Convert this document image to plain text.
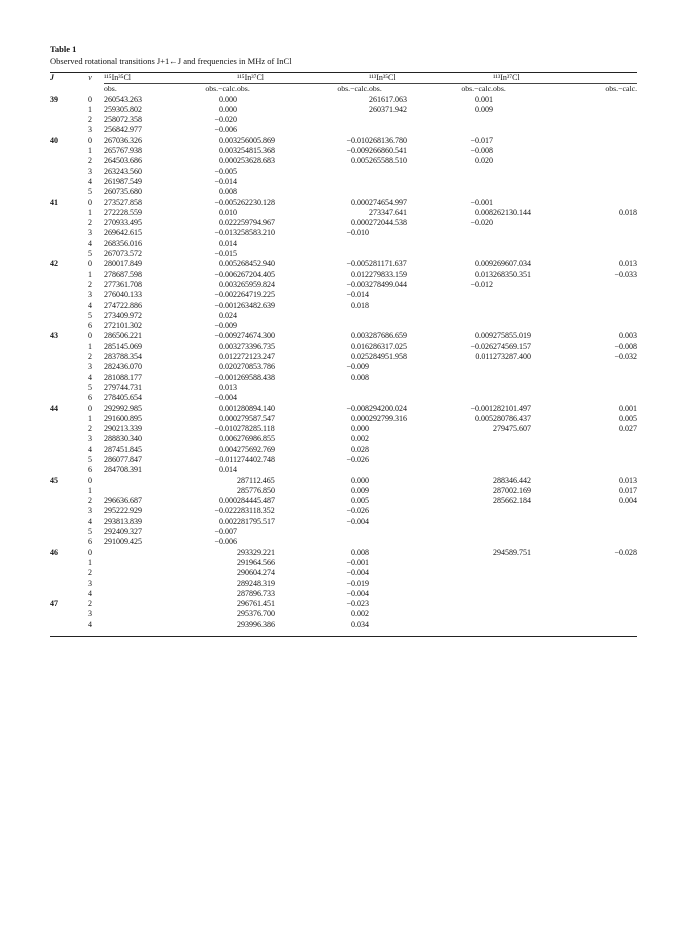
Table 1
Observed rotational transitions J+1←J and frequencies in MHz of InCl
J	v	¹¹⁵In³⁵Cl		¹¹⁵In³⁷Cl		¹¹³In³⁵Cl		¹¹³In³⁷Cl	
		obs.	obs.−calc.	obs.	obs.−calc.	obs.	obs.−calc.	obs.	obs.−calc.
39	0	260543.263	0.000			261617.063	0.001		
	1	259305.802	0.000			260371.942	0.009		
	2	258072.358	−0.020						
	3	256842.977	−0.006						
40	0	267036.326	0.003	256005.869	−0.010	268136.780	−0.017		
	1	265767.938	0.003	254815.368	−0.009	266860.541	−0.008		
	2	264503.686	0.000	253628.683	0.005	265588.510	0.020		
	3	263243.560	−0.005						
	4	261987.549	−0.014						
	5	260735.680	0.008						
41	0	273527.858	−0.005	262230.128	0.000	274654.997	−0.001		
	1	272228.559	0.010			273347.641	0.008	262130.144	0.018
	2	270933.495	0.022	259794.967	0.000	272044.538	−0.020		
	3	269642.615	−0.013	258583.210	−0.010				
	4	268356.016	0.014						
	5	267073.572	−0.015						
42	0	280017.849	0.005	268452.940	−0.005	281171.637	0.009	269607.034	0.013
	1	278687.598	−0.006	267204.405	0.012	279833.159	0.013	268350.351	−0.033
	2	277361.708	0.003	265959.824	−0.003	278499.044	−0.012		
	3	276040.133	−0.002	264719.225	−0.014				
	4	274722.886	−0.001	263482.639	0.018				
	5	273409.972	0.024						
	6	272101.302	−0.009						
43	0	286506.221	−0.009	274674.300	0.003	287686.659	0.009	275855.019	0.003
	1	285145.069	0.003	273396.735	0.016	286317.025	−0.026	274569.157	−0.008
	2	283788.354	0.012	272123.247	0.025	284951.958	0.011	273287.400	−0.032
	3	282436.070	0.020	270853.786	−0.009				
	4	281088.177	−0.001	269588.438	0.008				
	5	279744.731	0.013						
	6	278405.654	−0.004						
44	0	292992.985	0.001	280894.140	−0.008	294200.024	−0.001	282101.497	0.001
	1	291600.895	0.000	279587.547	0.000	292799.316	0.005	280786.437	0.005
	2	290213.339	−0.010	278285.118	0.000			279475.607	0.027
	3	288830.340	0.006	276986.855	0.002				
	4	287451.845	0.004	275692.769	0.028				
	5	286077.847	−0.011	274402.748	−0.026				
	6	284708.391	0.014						
45	0			287112.465	0.000			288346.442	0.013
	1			285776.850	0.009			287002.169	0.017
	2	296636.687	0.000	284445.487	0.005			285662.184	0.004
	3	295222.929	−0.022	283118.352	−0.026				
	4	293813.839	0.002	281795.517	−0.004				
	5	292409.327	−0.007						
	6	291009.425	−0.006						
46	0			293329.221	0.008			294589.751	−0.028
	1			291964.566	−0.001				
	2			290604.274	−0.004				
	3			289248.319	−0.019				
	4			287896.733	−0.004				
47	2			296761.451	−0.023				
	3			295376.700	0.002				
	4			293996.386	0.034				
